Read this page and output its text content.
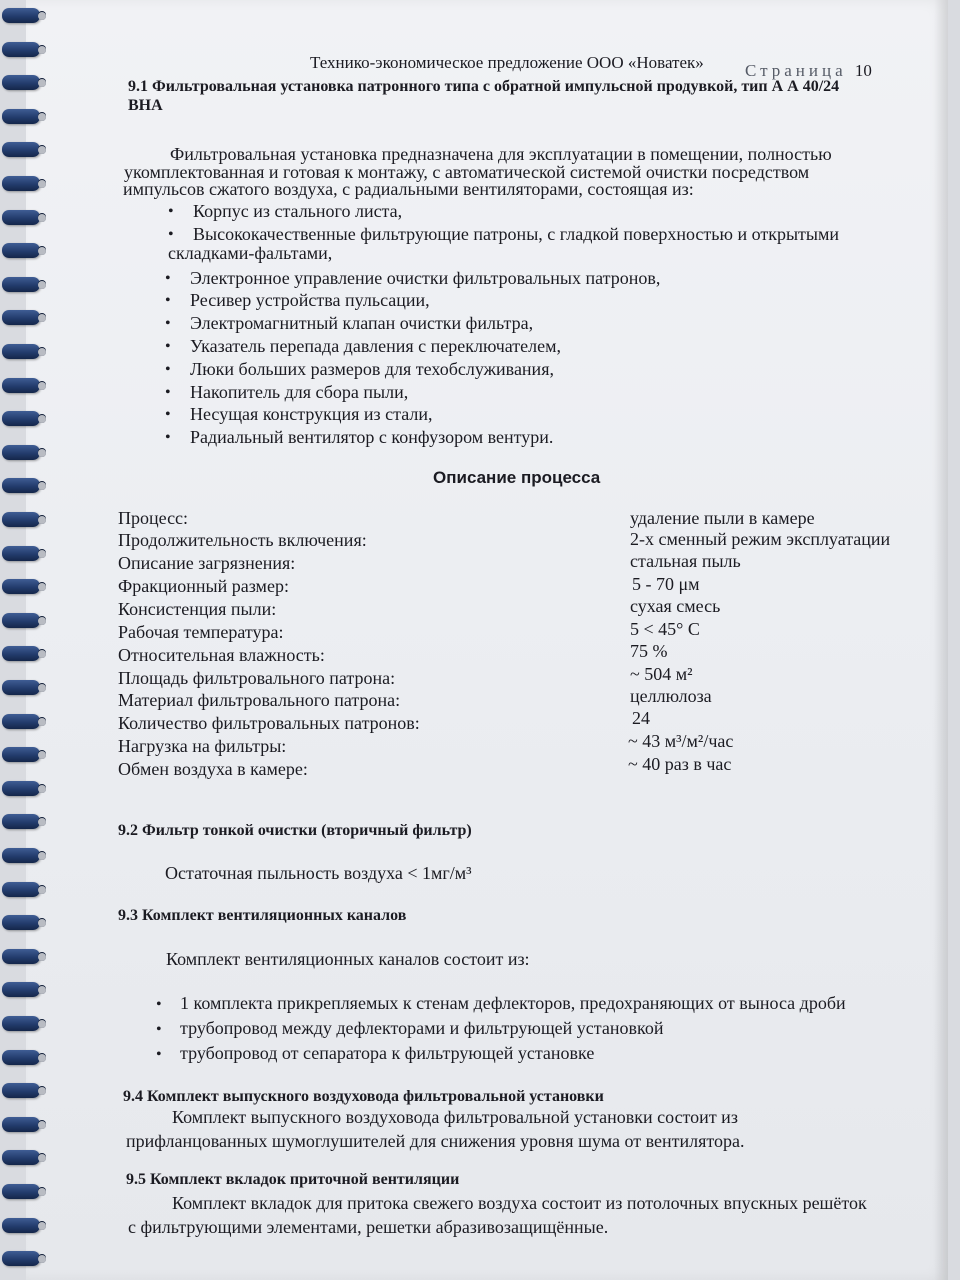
Технико-экономическое предложение ООО «Новатек» Страница 10
9.1 Фильтровальная установка патронного типа с обратной импульсной продувкой, тип А А 40/24
ВНА
Фильтровальная установка предназначена для эксплуатации в помещении, полностью
укомплектованная и готовая к монтажу, с автоматической системой очистки посредством
импульсов сжатого воздуха, с радиальными вентиляторами, состоящая из:
• Корпус из стального листа,
• Высококачественные фильтрующие патроны, с гладкой поверхностью и открытыми
складками-фальтами,
• Электронное управление очистки фильтровальных патронов,
• Ресивер устройства пульсации,
• Электромагнитный клапан очистки фильтра,
• Указатель перепада давления с переключателем,
• Люки больших размеров для техобслуживания,
• Накопитель для сбора пыли,
• Несущая конструкция из стали,
• Радиальный вентилятор с конфузором вентури.
Описание процесса
Процесс:	удаление пыли в камере
Продолжительность включения:	2-х сменный режим эксплуатации
Описание загрязнения:	стальная пыль
Фракционный размер:	5 - 70 μм
Консистенция пыли:	сухая смесь
Рабочая температура:	5 < 45° С
Относительная влажность:	75 %
Площадь фильтровального патрона:	~ 504 м²
Материал фильтровального патрона:	целлюлоза
Количество фильтровальных патронов:	24
Нагрузка на фильтры:	~ 43 м³/м²/час
Обмен воздуха в камере:	~ 40 раз в час
9.2 Фильтр тонкой очистки (вторичный фильтр)
Остаточная пыльность воздуха < 1мг/м³
9.3 Комплект вентиляционных каналов
Комплект вентиляционных каналов состоит из:
• 1 комплекта прикрепляемых к стенам дефлекторов, предохраняющих от выноса дроби
• трубопровод между дефлекторами и фильтрующей установкой
• трубопровод от сепаратора к фильтрующей установке
9.4 Комплект выпускного воздуховода фильтровальной установки
Комплект выпускного воздуховода фильтровальной установки состоит из
прифланцованных шумоглушителей для снижения уровня шума от вентилятора.
9.5 Комплект вкладок приточной вентиляции
Комплект вкладок для притока свежего воздуха состоит из потолочных впускных решёток
с фильтрующими элементами, решетки абразивозащищённые.
